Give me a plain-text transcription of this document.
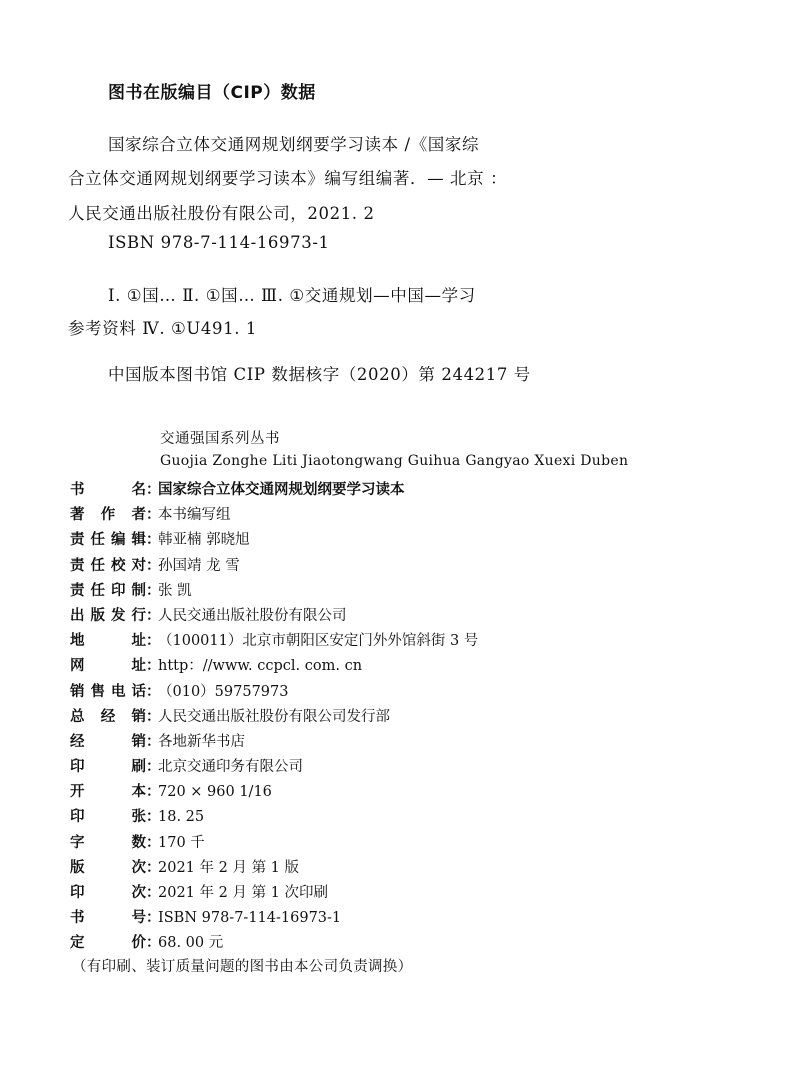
图书在版编目（CIP）数据
国家综合立体交通网规划纲要学习读本 /《国家综
合立体交通网规划纲要学习读本》编写组编著．— 北京 ：
人民交通出版社股份有限公司，2021. 2
ISBN 978-7-114-16973-1
Ⅰ. ①国… Ⅱ. ①国… Ⅲ. ①交通规划—中国—学习
参考资料 Ⅳ. ①U491. 1
中国版本图书馆 CIP 数据核字（2020）第 244217 号
交通强国系列丛书
Guojia Zonghe Liti Jiaotongwang Guihua Gangyao Xuexi Duben
书名 ：
国家综合立体交通网规划纲要学习读本
著作者 ：
本书编写组
责任编辑 ：
韩亚楠 郭晓旭
责任校对 ：
孙国靖 龙 雪
责任印制 ：
张 凯
出版发行 ：
人民交通出版社股份有限公司
地址 ：
（100011）北京市朝阳区安定门外外馆斜街 3 号
网址 ：
http：//www. ccpcl. com. cn
销售电话 ：
（010）59757973
总经销 ：
人民交通出版社股份有限公司发行部
经销 ：
各地新华书店
印刷 ：
北京交通印务有限公司
开本 ：
720 × 960 1/16
印张 ：
18. 25
字数 ：
170 千
版次 ：
2021 年 2 月 第 1 版
印次 ：
2021 年 2 月 第 1 次印刷
书号 ：
ISBN 978-7-114-16973-1
定价 ：
68. 00 元
（有印刷、装订质量问题的图书由本公司负责调换）
